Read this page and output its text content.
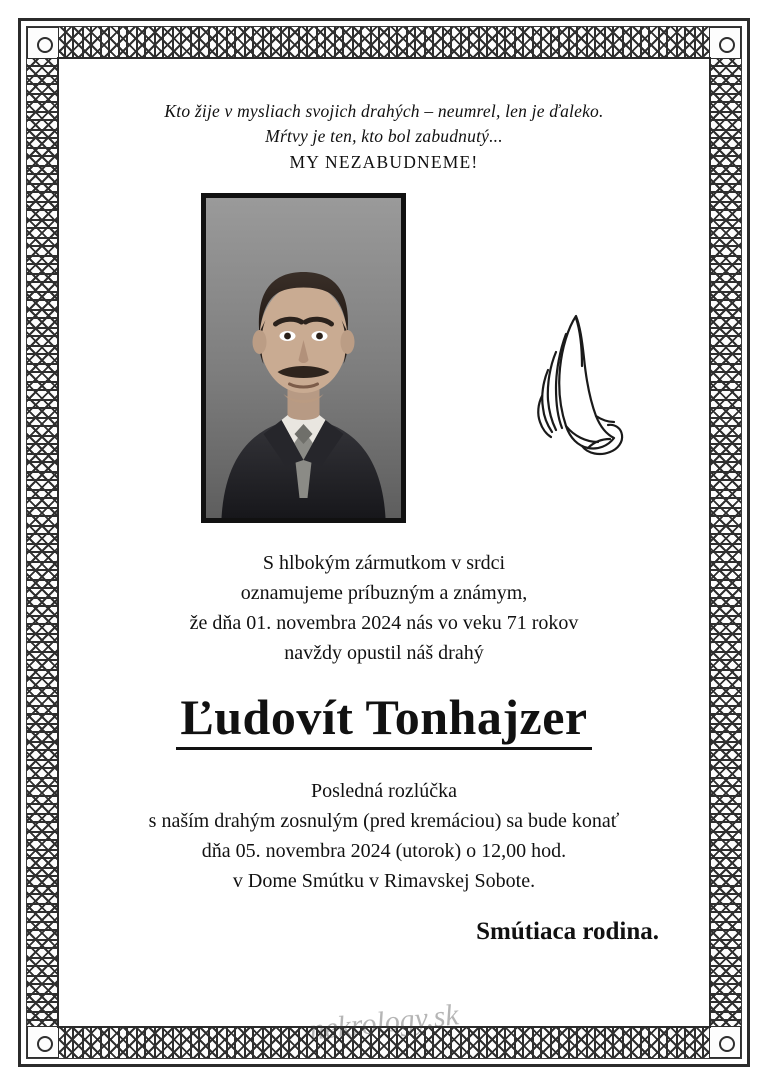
Kto žije v mysliach svojich drahých – neumrel, len je ďaleko.
Mŕtvy je ten, kto bol zabudnutý...
MY NEZABUDNEME!
S hlbokým zármutkom v srdci
oznamujeme príbuzným a známym,
že dňa 01. novembra 2024 nás vo veku 71 rokov
navždy opustil náš drahý
Ľudovít Tonhajzer
Posledná rozlúčka
s naším drahým zosnulým (pred kremáciou) sa bude konať
dňa 05. novembra 2024 (utorok) o 12,00 hod.
v Dome Smútku v Rimavskej Sobote.
Smútiaca rodina.
nekrology.sk
